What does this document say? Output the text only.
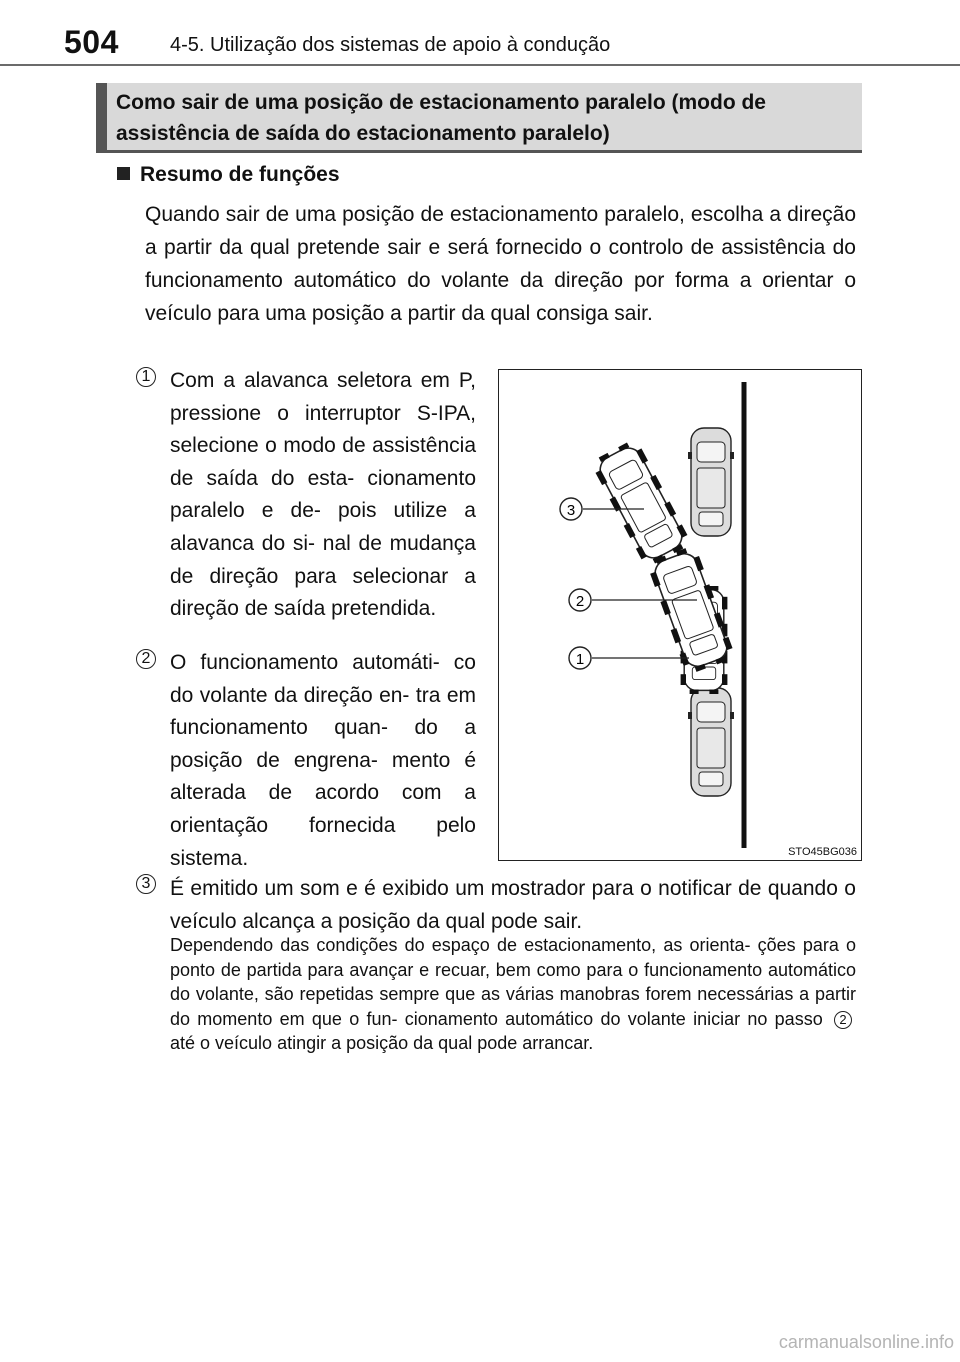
504	4-5. Utilização dos sistemas de apoio à condução
Como sair de uma posição de estacionamento paralelo (modo de assistência de saída do estacionamento paralelo)
Resumo de funções
Quando sair de uma posição de estacionamento paralelo, escolha a direção a partir da qual pretende sair e será fornecido o controlo de assistência do funcionamento automático do volante da direção por forma a orientar o veículo para uma posição a partir da qual consiga sair.
1 Com a alavanca seletora em P, pressione o interruptor S-IPA, selecione o modo de assistência de saída do esta- cionamento paralelo e de- pois utilize a alavanca do si- nal de mudança de direção para selecionar a direção de saída pretendida.
2 O funcionamento automáti- co do volante da direção en- tra em funcionamento quan- do a posição de engrena- mento é alterada de acordo com a orientação fornecida pelo sistema.
3 É emitido um som e é exibido um mostrador para o notificar de quando o veículo alcança a posição da qual pode sair.
3
2
1
STO45BG036
Dependendo das condições do espaço de estacionamento, as orienta- ções para o ponto de partida para avançar e recuar, bem como para o funcionamento automático do volante, são repetidas sempre que as várias manobras forem necessárias a partir do momento em que o fun- cionamento automático do volante iniciar no passo 2 até o veículo atingir a posição da qual pode arrancar.
carmanualsonline.info
